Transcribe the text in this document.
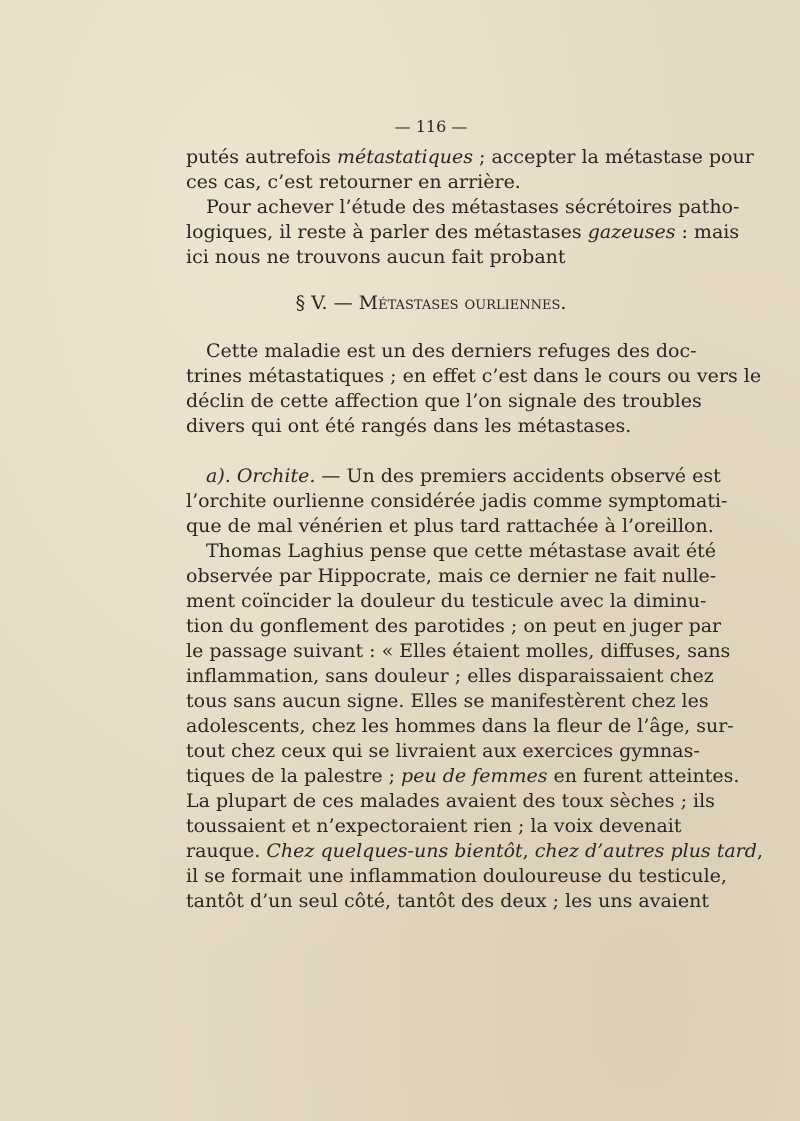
— 116 —
putés autrefois métastatiques ; accepter la métastase pour
ces cas, c’est retourner en arrière.
Pour achever l’étude des métastases sécrétoires patho-
logiques, il reste à parler des métastases gazeuses : mais
ici nous ne trouvons aucun fait probant
§ V. — Métastases ourliennes.
Cette maladie est un des derniers refuges des doc-
trines métastatiques ; en effet c’est dans le cours ou vers le
déclin de cette affection que l’on signale des troubles
divers qui ont été rangés dans les métastases.
a). Orchite. — Un des premiers accidents observé est
l’orchite ourlienne considérée jadis comme symptomati-
que de mal vénérien et plus tard rattachée à l’oreillon.
Thomas Laghius pense que cette métastase avait été
observée par Hippocrate, mais ce dernier ne fait nulle-
ment coïncider la douleur du testicule avec la diminu-
tion du gonflement des parotides ; on peut en juger par
le passage suivant : « Elles étaient molles, diffuses, sans
inflammation, sans douleur ; elles disparaissaient chez
tous sans aucun signe. Elles se manifestèrent chez les
adolescents, chez les hommes dans la fleur de l’âge, sur-
tout chez ceux qui se livraient aux exercices gymnas-
tiques de la palestre ; peu de femmes en furent atteintes.
La plupart de ces malades avaient des toux sèches ; ils
toussaient et n’expectoraient rien ; la voix devenait
rauque. Chez quelques-uns bientôt, chez d’autres plus tard,
il se formait une inflammation douloureuse du testicule,
tantôt d’un seul côté, tantôt des deux ; les uns avaient
